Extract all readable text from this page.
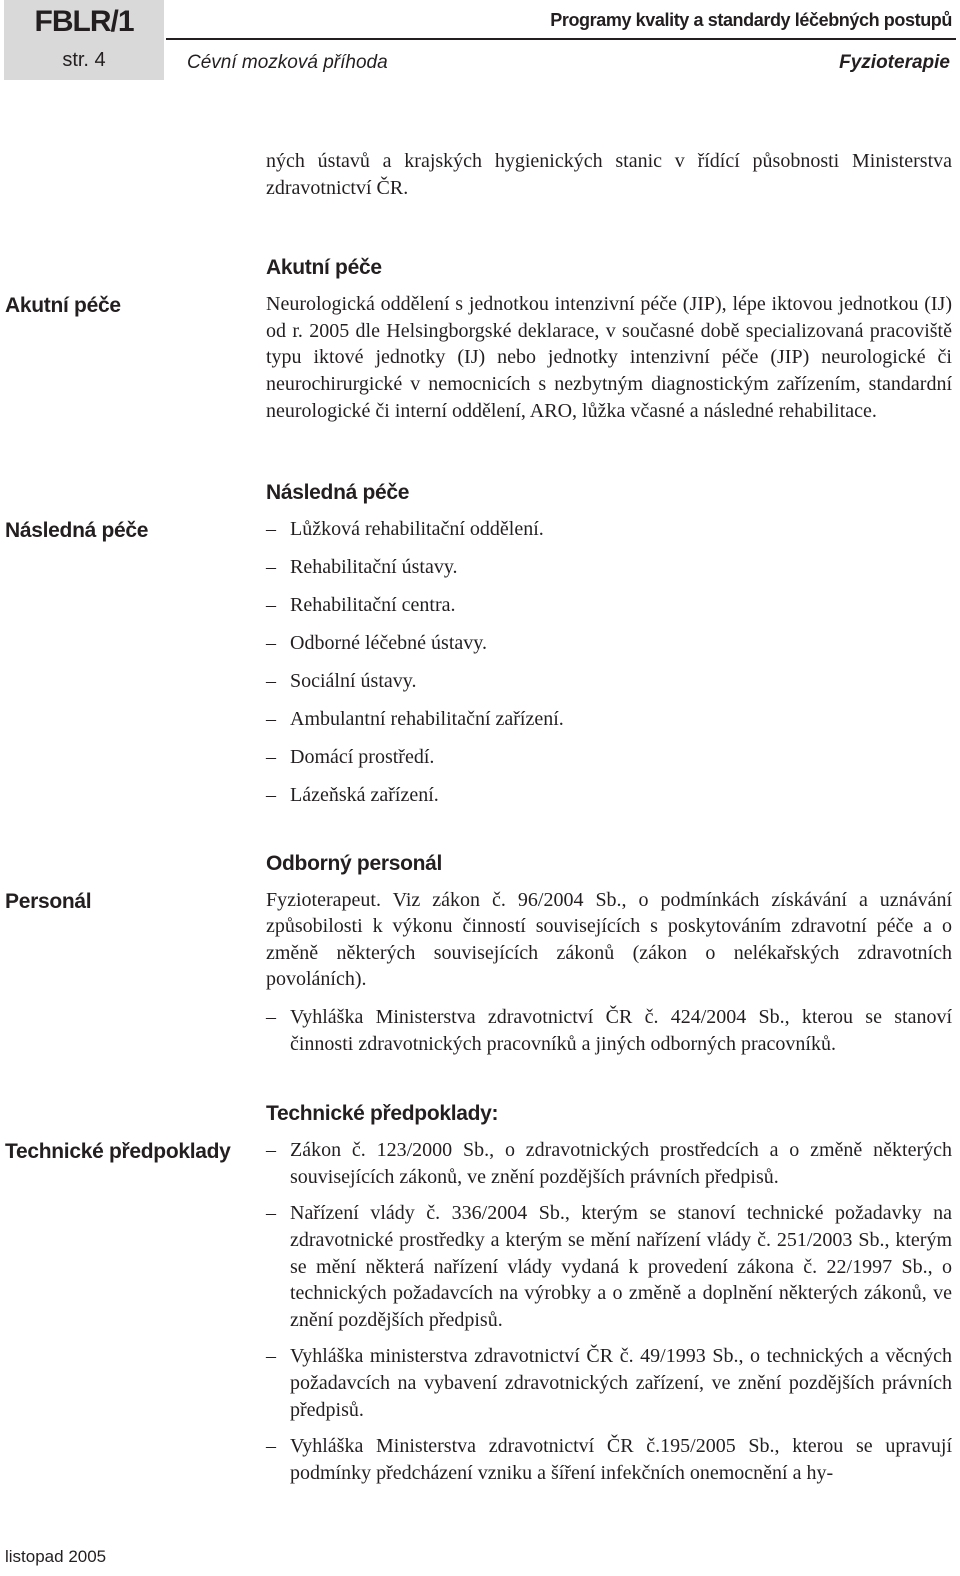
FBLR/1
str. 4
Programy kvality a standardy léčebných postupů
Cévní mozková příhoda	Fyzioterapie

ných ústavů a krajských hygienických stanic v řídící působnosti Ministerstva zdravotnictví ČR.

Akutní péče
Akutní péče

Neurologická oddělení s jednotkou intenzivní péče (JIP), lépe iktovou jednotkou (IJ) od r. 2005 dle Helsingborgské deklarace, v současné době specializovaná pracoviště typu iktové jednotky (IJ) nebo jednotky intenzivní péče (JIP) neurologické či neurochirurgické v nemocnicích s nezbytným diagnostickým zařízením, standardní neurologické či interní oddělení, ARO, lůžka včasné a následné rehabilitace.

Následná péče
Následná péče
– Lůžková rehabilitační oddělení.
– Rehabilitační ústavy.
– Rehabilitační centra.
– Odborné léčebné ústavy.
– Sociální ústavy.
– Ambulantní rehabilitační zařízení.
– Domácí prostředí.
– Lázeňská zařízení.
Personál
Odborný personál

Fyzioterapeut. Viz zákon č. 96/2004 Sb., o podmínkách získávání a uznávání způsobilosti k výkonu činností souvisejících s poskytováním zdravotní péče a o změně některých souvisejících zákonů (zákon o nelékařských zdravotních povoláních).

– Vyhláška Ministerstva zdravotnictví ČR č. 424/2004 Sb., kterou se stanoví činnosti zdravotnických pracovníků a jiných odborných pracovníků.
Technické předpoklady
Technické předpoklady:
– Zákon č. 123/2000 Sb., o zdravotnických prostředcích a o změně některých souvisejících zákonů, ve znění pozdějších právních předpisů.
– Nařízení vlády č. 336/2004 Sb., kterým se stanoví technické požadavky na zdravotnické prostředky a kterým se mění nařízení vlády č. 251/2003 Sb., kterým se mění některá nařízení vlády vydaná k provedení zákona č. 22/1997 Sb., o technických požadavcích na výrobky a o změně a doplnění některých zákonů, ve znění pozdějších předpisů.
– Vyhláška ministerstva zdravotnictví ČR č. 49/1993 Sb., o technických a věcných požadavcích na vybavení zdravotnických zařízení, ve znění pozdějších právních předpisů.
– Vyhláška Ministerstva zdravotnictví ČR č.195/2005 Sb., kterou se upravují podmínky předcházení vzniku a šíření infekčních onemocnění a hy-
listopad 2005
